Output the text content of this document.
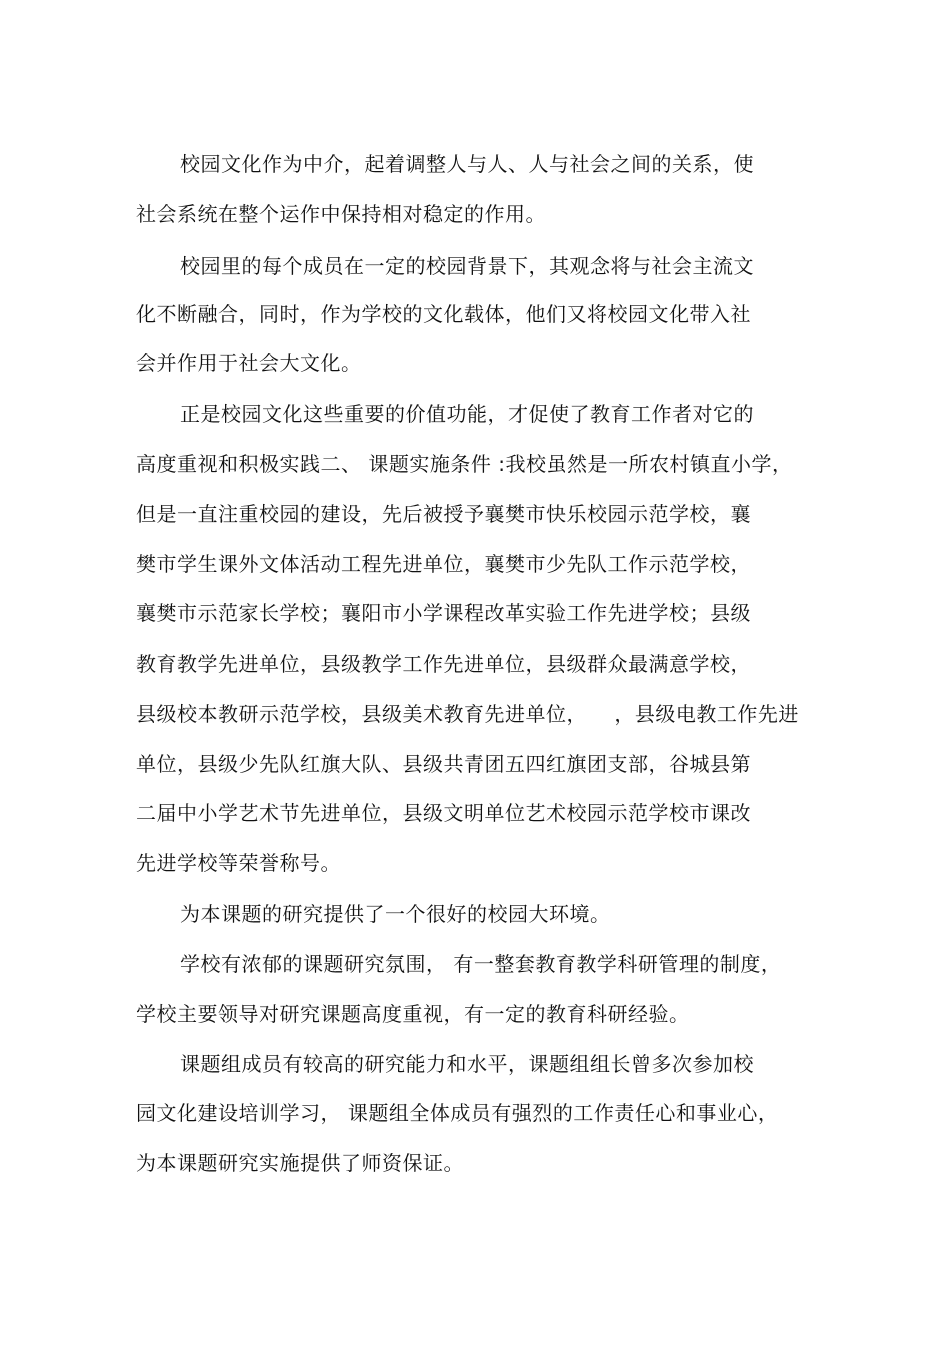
校园文化作为中介，起着调整人与人、人与社会之间的关系，使
社会系统在整个运作中保持相对稳定的作用。
校园里的每个成员在一定的校园背景下，其观念将与社会主流文
化不断融合，同时，作为学校的文化载体，他们又将校园文化带入社
会并作用于社会大文化。
正是校园文化这些重要的价值功能，才促使了教育工作者对它的
高度重视和积极实践二、 课题实施条件 :我校虽然是一所农村镇直小学，
但是一直注重校园的建设，先后被授予襄樊市快乐校园示范学校，襄
樊市学生课外文体活动工程先进单位，襄樊市少先队工作示范学校，
襄樊市示范家长学校；襄阳市小学课程改革实验工作先进学校；县级
教育教学先进单位，县级教学工作先进单位，县级群众最满意学校，
县级校本教研示范学校，县级美术教育先进单位，    ，县级电教工作先进
单位，县级少先队红旗大队、县级共青团五四红旗团支部，谷城县第
二届中小学艺术节先进单位，县级文明单位艺术校园示范学校市课改
先进学校等荣誉称号。
为本课题的研究提供了一个很好的校园大环境。
学校有浓郁的课题研究氛围， 有一整套教育教学科研管理的制度，
学校主要领导对研究课题高度重视，有一定的教育科研经验。
课题组成员有较高的研究能力和水平，课题组组长曾多次参加校
园文化建设培训学习， 课题组全体成员有强烈的工作责任心和事业心，
为本课题研究实施提供了师资保证。
